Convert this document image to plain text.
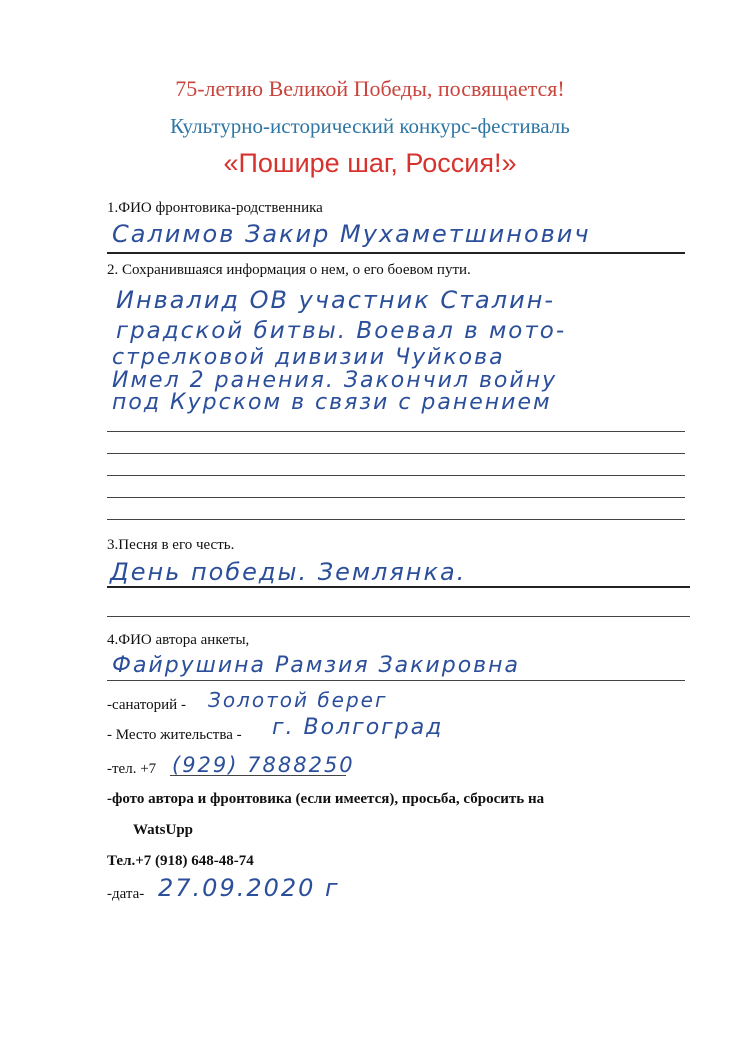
75-летию Великой Победы, посвящается!
Культурно-исторический конкурс-фестиваль
«Пошире шаг, Россия!»
1.ФИО фронтовика-родственника
Салимов Закир Мухаметшинович
2. Сохранившаяся информация о нем, о его боевом пути.
Инвалид ОВ участник Сталин-
градской битвы. Воевал в мото-
стрелковой дивизии Чуйкова
Имел 2 ранения. Закончил войну
под Курском в связи с ранением
3.Песня в его честь.
День победы. Землянка.
4.ФИО автора анкеты,
Файрушина Рамзия Закировна
-санаторий - Золотой берег
- Место жительства - г. Волгоград
-тел. +7 (929) 7888250
-фото автора и фронтовика (если имеется), просьба, сбросить на
WatsUpp
Тел.+7 (918) 648-48-74
-дата- 27.09.2020 г
